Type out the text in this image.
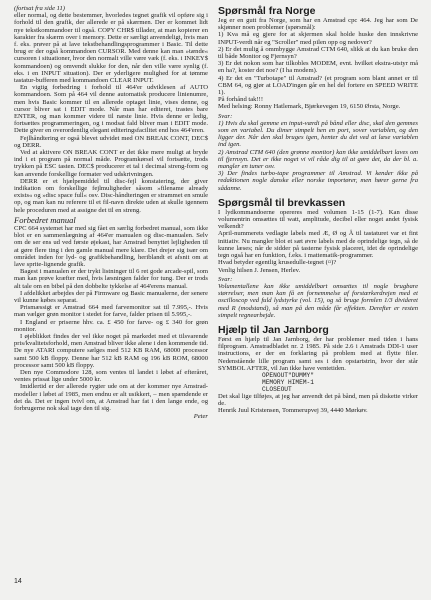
(fortsat fra side 11)

eller normal, og dette bestemmer, hvorledes tegnet grafik vil opføre sig i forhold til den grafik, der allerede er på skærmen. Der er kommet lidt nye tekstkommandoer til også. COPY CHR$ tillader, at man kopierer en karakter fra skærm over i memory. Dette er særligt anvendeligt, hvis man f. eks. prøver på at lave tekstbehandlingsprogrammer i Basic. Til dette brug er der også kommandoen CURSOR. Med denne kan man »tænde« cursoren i situationer, hvor den normalt ville være væk (f. eks. i INKEY$ kommandoen) og omvendt slukke for den, når den ville være synlig (f. eks. i en INPUT situation). Der er yderligere mulighed for at tømme tastatur-bufferen med kommandoen CLEAR INPUT.

En vigtig forbedring i forhold til 464'er udviklesen af AUTO kommandoen. Som på 464 vil denne automatisk producere linienumre, men hvis Basic kommer til en allerede optaget linie, vises denne, og cursor bliver sat i EDIT mode. Når man har editeret, trastes bare ENTER, og man kommer videre til næste linie. Hvis denne er ledig, fortsættes programmeringen, og i modsat fald bliver man i EDIT mode. Dette giver en overordentlig elegant editeringsfacilitet end hos 464'eren.

Fejlhåndtering er også blevet udvidet med ON BREAK CONT, DEC$ og DERR.

Ved at aktivere ON BREAK CONT er det ikke mere muligt at bryde ind i et program på normal måde. Programkørsel vil fortsætte, trods trykken på ESC tasten. DEC$ producerer et tal i decimal streng-form og kan anvende forskellige formater ved udskrivningen.

DERR er et hjælpemiddel til disc-fejl konstatering, der giver indikation om forskellige fejlmuligheder såsom »filename already exists« og »disc space full« osv. Disc-håndteringen er strammet en smule op, og man kan nu referere til et fil-navn direkte uden at skulle igennem hele proceduren med at assigne det til en streng.

Forbedret manual

CPC 664 systemet har med sig fået en særlig forbedret manual, som ikke blot er en sammenlægning af 464'er manualen og disc-manualen. Selv om de ser ens ud ved første øjekast, har Amstrad benyttet lejligheden til at gøre flere ting i den gamle manual mere klare. Det drejer sig især om området inden for lyd- og grafikbehandling, heriblandt et afsnit om at lave sprite-lignende grafik.

Bagest i manualen er der trykt listninger til 6 ret gode arcade-spil, som man kan prøve kræfter med, hvis læsningen falder for tung. Der er trods alt tale om en bibel på den dobbelte tykkelse af 464'erens manual.

I afdelikket arbejdes der på Firmware og Basic manualerne, der senere vil kunne købes separat.

Prismæssigt er Amstrad 664 med farvemonitor sat til 7.995,-. Hvis man vælger grøn monitor i stedet for farve, falder prisen til 5.995,-.

I England er priserne hhv. ca. £ 450 for farve- og £ 340 for grøn monitor.

I øjeblikket findes der vel ikke noget på markedet med et tilsvarende pris/kvalitetsforhold, men Amstrad bliver ikke alene i den kommende tid. De nye ATARI computere sælges med 512 KB RAM, 68000 processor samt 500 kB floppy. Denne har 512 kB RAM og 196 kB ROM, 68000 processor samt 500 kB floppy.

Den nye Commodore 128, som ventes til landet i løbet af efteråret, ventes prissat lige under 5000 kr.

Imidlertid er der allerede rygter ude om at der kommer nye Amstrad-modeller i løbet af 1985, men endnu er alt usikkert, – men spændende er det da. Det er ingen tvivl om, at Amstrad har fat i den lange ende, og forbrugerne nok skal tage den til sig.

Peter

Spørsmål fra Norge

Jeg er en gutt fra Norge, som har en Amstrad cpc 464. Jeg har som De skjønner noen problemer (spørsmål):
1) Kva må eg gjere for at skjermen skal holde huske den innskrivne INPUT-verdi når eg "Scroller" med pilen opp og nedover?
2) Er det mulig å ommbygge Amstrad CTM 640, slikk at du kan bruke den til både Monitor og Fjernsyn?
3) Er det nokon som har tilkobles MODEM, evnt. hvilket ekstra-utstyr må en ha?, koster det noe? (I ha modem).
4) Er det en "Turbotape" til Amstrad? (et program som blant annet er til CBM 64, og gjør at LOAD'ingen går en hel del fortere en SPEED WRITE 1).
På forhånd tak!!!
Med helsing: Ronny Hatlemark, Bjørkevegen 19, 6150 Ørsta, Norge.

Svar:

1) Hvis du skal gemme en input-værdi på bånd eller disc, skal den gemmes som en variabel. Du dimer simpelt hen en port, sover variablen, og den ligger der. Når den skal bruges igen, henter du det ved at læse variablen ind igen.
2) Amstrad CTM 640 (den grønne monitor) kan ikke umiddelbart laves om til fjernsyn. Det er ikke noget vi vil råde dig til at gøre det, da der bl. a. mangler en tuner osv.
3) Der findes turbo-tape programmer til Amstrad. Vi kender ikke på redaktionen nogle danske eller norske importører, men hører gerne fra sådanne.

Spørgsmål til brevkassen

I lydkommandoerne opereres med volumen 1-15 (1-7). Kan disse volumentrin omsættes til watt, amplitude, decibel eller noget andet fysisk velkendt?
April-nummerets vedlagte labels med Æ, Ø og Å til tastaturet var et fint initiativ. Nu mangler blot et sæt øvre labels med de oprindelige tegn, så de kunne læses; når de sidder på tasterne fysisk placeret, idet de oprindelige tegn også har en funktion, f.eks. i mattematik-programmer.
Hvad betyder egentlig krusedulle-tegnet (¤)?
Venlig hilsen J. Jensen, Herlev.

Svar:

Volumentallene kan ikke umiddelbart omsættes til nogle brugbare størrelser, men man kan få en fornemmelse af forstærkerdrejen med et oscilloscop ved fuld lydstyrke (vol. 15), og så bruge formlen 1/3 divideret med R (modstand), så man på den måde får effekten. Derefter er resten simpelt regnearbejde.

Hjælp til Jan Jarnborg

Først en hjælp til Jan Jarnborg, der har problemer med tiden i hans filprogram. Amstradbladet nr. 2 1985. På side 2.6 i Amstrads DDI-1 user instructions, er der en forklaring på problem med at flytte filer. Nedenstående lille program samt ses i den opstartstrin, hvor der står SYMBOL AFTER, vil Jan ikke have ventetiden.

OPENOUT"DUMMY"

MEMORY HIMEM-1

CLOSEOUT

Det skal lige tilføjes, at jeg har anvendt det på bånd, men på diskette virker de.
Henrik Juul Kristensen, Tommerupvej 39, 4440 Mørkøv.

14
